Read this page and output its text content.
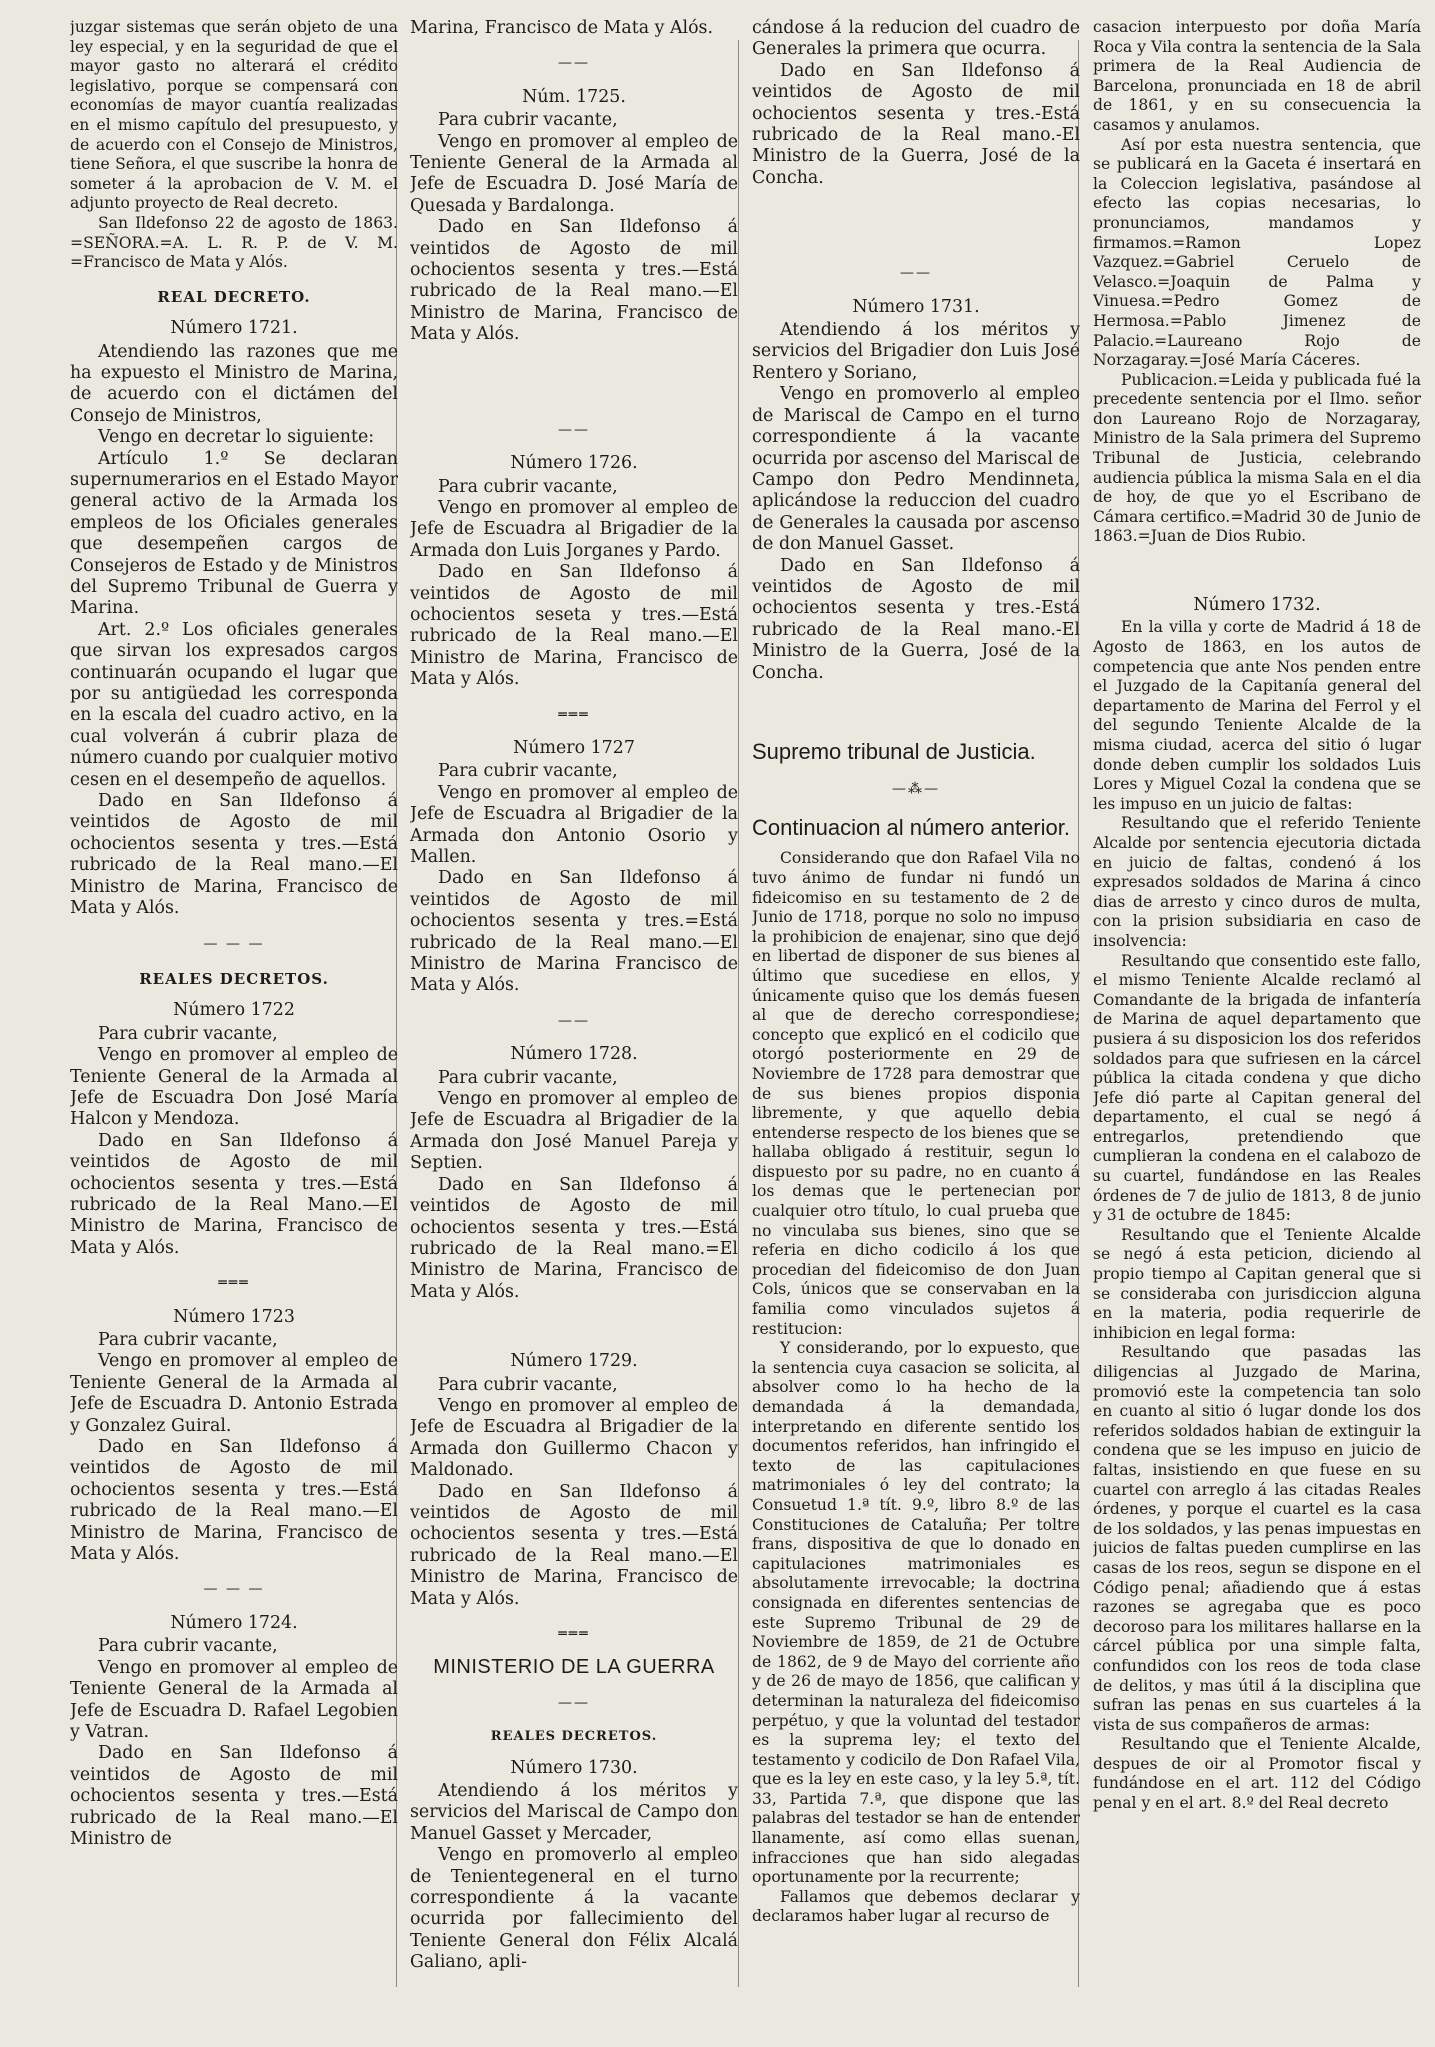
juzgar sistemas que serán objeto de una ley especial, y en la seguridad de que el mayor gasto no alterará el crédito legislativo, porque se compensará con economías de mayor cuantía realizadas en el mismo capítulo del presupuesto, y de acuerdo con el Consejo de Ministros, tiene Señora, el que suscribe la honra de someter á la aprobacion de V. M. el adjunto proyecto de Real decreto.

San Ildefonso 22 de agosto de 1863. =SEÑORA.=A. L. R. P. de V. M. =Francisco de Mata y Alós.

REAL DECRETO.
Número 1721.

Atendiendo las razones que me ha expuesto el Ministro de Marina, de acuerdo con el dictámen del Consejo de Ministros,

Vengo en decretar lo siguiente:

Artículo 1.º Se declaran supernumerarios en el Estado Mayor general activo de la Armada los empleos de los Oficiales generales que desempeñen cargos de Consejeros de Estado y de Ministros del Supremo Tribunal de Guerra y Marina.

Art. 2.º Los oficiales generales que sirvan los expresados cargos continuarán ocupando el lugar que por su antigüedad les corresponda en la escala del cuadro activo, en la cual volverán á cubrir plaza de número cuando por cualquier motivo cesen en el desempeño de aquellos.

Dado en San Ildefonso á veintidos de Agosto de mil ochocientos sesenta y tres.—Está rubricado de la Real mano.—El Ministro de Marina, Francisco de Mata y Alós.

— — —
REALES DECRETOS.
Número 1722

Para cubrir vacante,

Vengo en promover al empleo de Teniente General de la Armada al Jefe de Escuadra Don José María Halcon y Mendoza.

Dado en San Ildefonso á veintidos de Agosto de mil ochocientos sesenta y tres.—Está rubricado de la Real Mano.—El Ministro de Marina, Francisco de Mata y Alós.

═══
Número 1723

Para cubrir vacante,

Vengo en promover al empleo de Teniente General de la Armada al Jefe de Escuadra D. Antonio Estrada y Gonzalez Guiral.

Dado en San Ildefonso á veintidos de Agosto de mil ochocientos sesenta y tres.—Está rubricado de la Real mano.—El Ministro de Marina, Francisco de Mata y Alós.

— — —
Número 1724.

Para cubrir vacante,

Vengo en promover al empleo de Teniente General de la Armada al Jefe de Escuadra D. Rafael Legobien y Vatran.

Dado en San Ildefonso á veintidos de Agosto de mil ochocientos sesenta y tres.—Está rubricado de la Real mano.—El Ministro de

Marina, Francisco de Mata y Alós.

——
Núm. 1725.

Para cubrir vacante,

Vengo en promover al empleo de Teniente General de la Armada al Jefe de Escuadra D. José María de Quesada y Bardalonga.

Dado en San Ildefonso á veintidos de Agosto de mil ochocientos sesenta y tres.—Está rubricado de la Real mano.—El Ministro de Marina, Francisco de Mata y Alós.

——
Número 1726.

Para cubrir vacante,

Vengo en promover al empleo de Jefe de Escuadra al Brigadier de la Armada don Luis Jorganes y Pardo.

Dado en San Ildefonso á veintidos de Agosto de mil ochocientos seseta y tres.—Está rubricado de la Real mano.—El Ministro de Marina, Francisco de Mata y Alós.

═══
Número 1727

Para cubrir vacante,

Vengo en promover al empleo de Jefe de Escuadra al Brigadier de la Armada don Antonio Osorio y Mallen.

Dado en San Ildefonso á veintidos de Agosto de mil ochocientos sesenta y tres.=Está rubricado de la Real mano.—El Ministro de Marina Francisco de Mata y Alós.

——
Número 1728.

Para cubrir vacante,

Vengo en promover al empleo de Jefe de Escuadra al Brigadier de la Armada don José Manuel Pareja y Septien.

Dado en San Ildefonso á veintidos de Agosto de mil ochocientos sesenta y tres.—Está rubricado de la Real mano.=El Ministro de Marina, Francisco de Mata y Alós.

Número 1729.

Para cubrir vacante,

Vengo en promover al empleo de Jefe de Escuadra al Brigadier de la Armada don Guillermo Chacon y Maldonado.

Dado en San Ildefonso á veintidos de Agosto de mil ochocientos sesenta y tres.—Está rubricado de la Real mano.—El Ministro de Marina, Francisco de Mata y Alós.

═══
MINISTERIO DE LA GUERRA
——
REALES DECRETOS.
Número 1730.

Atendiendo á los méritos y servicios del Mariscal de Campo don Manuel Gasset y Mercader,

Vengo en promoverlo al empleo de Tenientegeneral en el turno correspondiente á la vacante ocurrida por fallecimiento del Teniente General don Félix Alcalá Galiano, apli-

cándose á la reducion del cuadro de Generales la primera que ocurra.

Dado en San Ildefonso á veintidos de Agosto de mil ochocientos sesenta y tres.-Está rubricado de la Real mano.-El Ministro de la Guerra, José de la Concha.

——
Número 1731.

Atendiendo á los méritos y servicios del Brigadier don Luis José Rentero y Soriano,

Vengo en promoverlo al empleo de Mariscal de Campo en el turno correspondiente á la vacante ocurrida por ascenso del Mariscal de Campo don Pedro Mendinneta, aplicándose la reduccion del cuadro de Generales la causada por ascenso de don Manuel Gasset.

Dado en San Ildefonso á veintidos de Agosto de mil ochocientos sesenta y tres.-Está rubricado de la Real mano.-El Ministro de la Guerra, José de la Concha.

Supremo tribunal de Justicia.
—⁂—
Continuacion al número anterior.

Considerando que don Rafael Vila no tuvo ánimo de fundar ni fundó un fideicomiso en su testamento de 2 de Junio de 1718, porque no solo no impuso la prohibicion de enajenar, sino que dejó en libertad de disponer de sus bienes al último que sucediese en ellos, y únicamente quiso que los demás fuesen al que de derecho correspondiese; concepto que explicó en el codicilo que otorgó posteriormente en 29 de Noviembre de 1728 para demostrar que de sus bienes propios disponia libremente, y que aquello debia entenderse respecto de los bienes que se hallaba obligado á restituir, segun lo dispuesto por su padre, no en cuanto á los demas que le pertenecian por cualquier otro título, lo cual prueba que no vinculaba sus bienes, sino que se referia en dicho codicilo á los que procedian del fideicomiso de don Juan Cols, únicos que se conservaban en la familia como vinculados sujetos á restitucion:

Y considerando, por lo expuesto, que la sentencia cuya casacion se solicita, al absolver como lo ha hecho de la demandada á la demandada, interpretando en diferente sentido los documentos referidos, han infringido el texto de las capitulaciones matrimoniales ó ley del contrato; la Consuetud 1.ª tít. 9.º, libro 8.º de las Constituciones de Cataluña; Per toltre frans, dispositiva de que lo donado en capitulaciones matrimoniales es absolutamente irrevocable; la doctrina consignada en diferentes sentencias de este Supremo Tribunal de 29 de Noviembre de 1859, de 21 de Octubre de 1862, de 9 de Mayo del corriente año y de 26 de mayo de 1856, que califican y determinan la naturaleza del fideicomiso perpétuo, y que la voluntad del testador es la suprema ley; el texto del testamento y codicilo de Don Rafael Vila, que es la ley en este caso, y la ley 5.ª, tít. 33, Partida 7.ª, que dispone que las palabras del testador se han de entender llanamente, así como ellas suenan, infracciones que han sido alegadas oportunamente por la recurrente;

Fallamos que debemos declarar y declaramos haber lugar al recurso de

casacion interpuesto por doña María Roca y Vila contra la sentencia de la Sala primera de la Real Audiencia de Barcelona, pronunciada en 18 de abril de 1861, y en su consecuencia la casamos y anulamos.

Así por esta nuestra sentencia, que se publicará en la Gaceta é insertará en la Coleccion legislativa, pasándose al efecto las copias necesarias, lo pronunciamos, mandamos y firmamos.=Ramon Lopez Vazquez.=Gabriel Ceruelo de Velasco.=Joaquin de Palma y Vinuesa.=Pedro Gomez de Hermosa.=Pablo Jimenez de Palacio.=Laureano Rojo de Norzagaray.=José María Cáceres.

Publicacion.=Leida y publicada fué la precedente sentencia por el Ilmo. señor don Laureano Rojo de Norzagaray, Ministro de la Sala primera del Supremo Tribunal de Justicia, celebrando audiencia pública la misma Sala en el dia de hoy, de que yo el Escribano de Cámara certifico.=Madrid 30 de Junio de 1863.=Juan de Dios Rubio.

Número 1732.

En la villa y corte de Madrid á 18 de Agosto de 1863, en los autos de competencia que ante Nos penden entre el Juzgado de la Capitanía general del departamento de Marina del Ferrol y el del segundo Teniente Alcalde de la misma ciudad, acerca del sitio ó lugar donde deben cumplir los soldados Luis Lores y Miguel Cozal la condena que se les impuso en un juicio de faltas:

Resultando que el referido Teniente Alcalde por sentencia ejecutoria dictada en juicio de faltas, condenó á los expresados soldados de Marina á cinco dias de arresto y cinco duros de multa, con la prision subsidiaria en caso de insolvencia:

Resultando que consentido este fallo, el mismo Teniente Alcalde reclamó al Comandante de la brigada de infantería de Marina de aquel departamento que pusiera á su disposicion los dos referidos soldados para que sufriesen en la cárcel pública la citada condena y que dicho Jefe dió parte al Capitan general del departamento, el cual se negó á entregarlos, pretendiendo que cumplieran la condena en el calabozo de su cuartel, fundándose en las Reales órdenes de 7 de julio de 1813, 8 de junio y 31 de octubre de 1845:

Resultando que el Teniente Alcalde se negó á esta peticion, diciendo al propio tiempo al Capitan general que si se consideraba con jurisdiccion alguna en la materia, podia requerirle de inhibicion en legal forma:

Resultando que pasadas las diligencias al Juzgado de Marina, promovió este la competencia tan solo en cuanto al sitio ó lugar donde los dos referidos soldados habian de extinguir la condena que se les impuso en juicio de faltas, insistiendo en que fuese en su cuartel con arreglo á las citadas Reales órdenes, y porque el cuartel es la casa de los soldados, y las penas impuestas en juicios de faltas pueden cumplirse en las casas de los reos, segun se dispone en el Código penal; añadiendo que á estas razones se agregaba que es poco decoroso para los militares hallarse en la cárcel pública por una simple falta, confundidos con los reos de toda clase de delitos, y mas útil á la disciplina que sufran las penas en sus cuarteles á la vista de sus compañeros de armas:

Resultando que el Teniente Alcalde, despues de oir al Promotor fiscal y fundándose en el art. 112 del Código penal y en el art. 8.º del Real decreto
